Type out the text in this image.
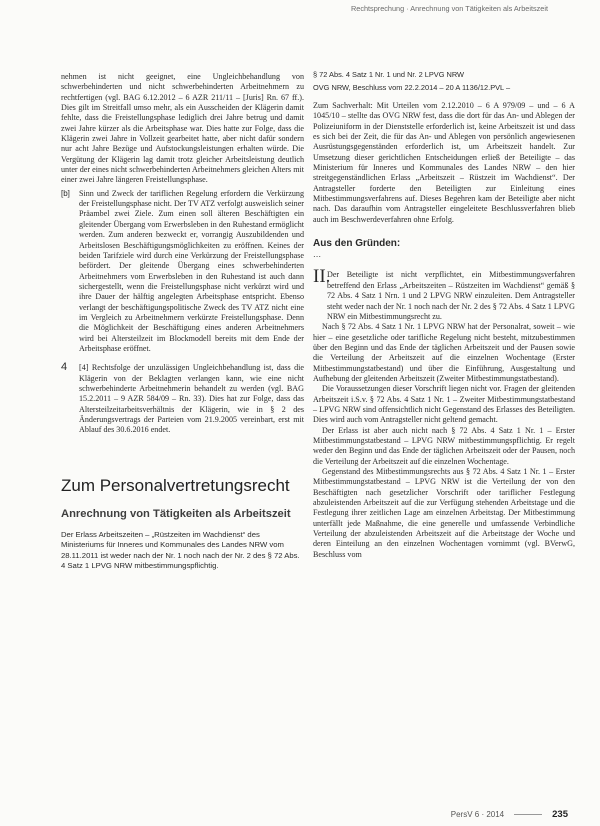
Rechtsprechung · Anrechnung von Tätigkeiten als Arbeitszeit

nehmen ist nicht geeignet, eine Ungleichbehandlung von schwerbehinderten und nicht schwerbehinderten Arbeitnehmern zu rechtfertigen (vgl. BAG 6.12.2012 – 6 AZR 211/11 – [Juris] Rn. 67 ff.). Dies gilt im Streitfall umso mehr, als ein Ausscheiden der Klägerin damit fehlte, dass die Freistellungsphase lediglich drei Jahre betrug und damit zwei Jahre kürzer als die Arbeitsphase war. Dies hatte zur Folge, dass die Klägerin zwei Jahre in Vollzeit gearbeitet hatte, aber nicht dafür sondern nur acht Jahre Bezüge und Aufstockungsleistungen erhalten würde. Die Vergütung der Klägerin lag damit trotz gleicher Arbeitsleistung deutlich unter der eines nicht schwerbehinderten Arbeitnehmers gleichen Alters mit einer zwei Jahre längeren Freistellungsphase.

[b] Sinn und Zweck der tariflichen Regelung erfordern die Verkürzung der Freistellungsphase nicht. Der TV ATZ verfolgt ausweislich seiner Präambel zwei Ziele. Zum einen soll älteren Beschäftigten ein gleitender Übergang vom Erwerbsleben in den Ruhestand ermöglicht werden. Zum anderen bezweckt er, vorrangig Auszubildenden und Arbeitslosen Beschäftigungsmöglichkeiten zu eröffnen. Keines der beiden Tarifziele wird durch eine Verkürzung der Freistellungsphase befördert. Der gleitende Übergang eines schwerbehinderten Arbeitnehmers vom Erwerbsleben in den Ruhestand ist auch dann sichergestellt, wenn die Freistellungsphase nicht verkürzt wird und ihre Dauer der hälftig angelegten Arbeitsphase entspricht. Ebenso verlangt der beschäftigungspolitische Zweck des TV ATZ nicht eine im Vergleich zu Arbeitnehmern verkürzte Freistellungsphase. Denn die Möglichkeit der Beschäftigung eines anderen Arbeitnehmers wird bei Altersteilzeit im Blockmodell bereits mit dem Ende der Arbeitsphase eröffnet.

4 [4] Rechtsfolge der unzulässigen Ungleichbehandlung ist, dass die Klägerin von der Beklagten verlangen kann, wie eine nicht schwerbehinderte Arbeitnehmerin behandelt zu werden (vgl. BAG 15.2.2011 – 9 AZR 584/09 – Rn. 33). Dies hat zur Folge, dass das Altersteilzeitarbeitsverhältnis der Klägerin, wie in § 2 des Änderungsvertrags der Parteien vom 21.9.2005 vereinbart, erst mit Ablauf des 30.6.2016 endet.

Zum Personalvertretungsrecht
Anrechnung von Tätigkeiten als Arbeitszeit

Der Erlass Arbeitszeiten – „Rüstzeiten im Wachdienst“ des Ministeriums für Inneres und Kommunales des Landes NRW vom 28.11.2011 ist weder nach der Nr. 1 noch nach der Nr. 2 des § 72 Abs. 4 Satz 1 LPVG NRW mitbestimmungspflichtig.

§ 72 Abs. 4 Satz 1 Nr. 1 und Nr. 2 LPVG NRW
OVG NRW, Beschluss vom 22.2.2014 – 20 A 1136/12.PVL –

Zum Sachverhalt: Mit Urteilen vom 2.12.2010 – 6 A 979/09 – und – 6 A 1045/10 – stellte das OVG NRW fest, dass die dort für das An- und Ablegen der Polizeiuniform in der Dienststelle erforderlich ist, keine Arbeitszeit ist und dass es sich bei der Zeit, die für das An- und Ablegen von persönlich angewiesenen Ausrüstungsgegenständen erforderlich ist, um Arbeitszeit handelt. Zur Umsetzung dieser gerichtlichen Entscheidungen erließ der Beteiligte – das Ministerium für Inneres und Kommunales des Landes NRW – den hier streitgegenständlichen Erlass „Arbeitszeit – Rüstzeit im Wachdienst“. Der Antragsteller forderte den Beteiligten zur Einleitung eines Mitbestimmungsverfahrens auf. Dieses Begehren kam der Beteiligte aber nicht nach. Das daraufhin vom Antragsteller eingeleitete Beschlussverfahren blieb auch im Beschwerdeverfahren ohne Erfolg.

Aus den Gründen:

…

II.

Der Beteiligte ist nicht verpflichtet, ein Mitbestimmungsverfahren betreffend den Erlass „Arbeitszeiten – Rüstzeiten im Wachdienst“ gemäß § 72 Abs. 4 Satz 1 Nrn. 1 und 2 LPVG NRW einzuleiten. Dem Antragsteller steht weder nach der Nr. 1 noch nach der Nr. 2 des § 72 Abs. 4 Satz 1 LPVG NRW ein Mitbestimmungsrecht zu.

Nach § 72 Abs. 4 Satz 1 Nr. 1 LPVG NRW hat der Personalrat, soweit – wie hier – eine gesetzliche oder tarifliche Regelung nicht besteht, mitzubestimmen über den Beginn und das Ende der täglichen Arbeitszeit und der Pausen sowie die Verteilung der Arbeitszeit auf die einzelnen Wochentage (Erster Mitbestimmungstatbestand) und über die Einführung, Ausgestaltung und Aufhebung der gleitenden Arbeitszeit (Zweiter Mitbestimmungstatbestand).

Die Voraussetzungen dieser Vorschrift liegen nicht vor. Fragen der gleitenden Arbeitszeit i.S.v. § 72 Abs. 4 Satz 1 Nr. 1 – Zweiter Mitbestimmungstatbestand – LPVG NRW sind offensichtlich nicht Gegenstand des Erlasses des Beteiligten. Dies wird auch vom Antragsteller nicht geltend gemacht.

Der Erlass ist aber auch nicht nach § 72 Abs. 4 Satz 1 Nr. 1 – Erster Mitbestimmungstatbestand – LPVG NRW mitbestimmungspflichtig. Er regelt weder den Beginn und das Ende der täglichen Arbeitszeit oder der Pausen, noch die Verteilung der Arbeitszeit auf die einzelnen Wochentage.

Gegenstand des Mitbestimmungsrechts aus § 72 Abs. 4 Satz 1 Nr. 1 – Erster Mitbestimmungstatbestand – LPVG NRW ist die Verteilung der von den Beschäftigten nach gesetzlicher Vorschrift oder tariflicher Festlegung abzuleistenden Arbeitszeit auf die zur Verfügung stehenden Arbeitstage und die Festlegung ihrer zeitlichen Lage am einzelnen Arbeitstag. Der Mitbestimmung unterfällt jede Maßnahme, die eine generelle und umfassende Verbindliche Verteilung der abzuleistenden Arbeitszeit auf die Arbeitstage der Woche und deren Einteilung an den einzelnen Wochentagen vornimmt (vgl. BVerwG, Beschluss vom

PersV 6 · 2014	235
